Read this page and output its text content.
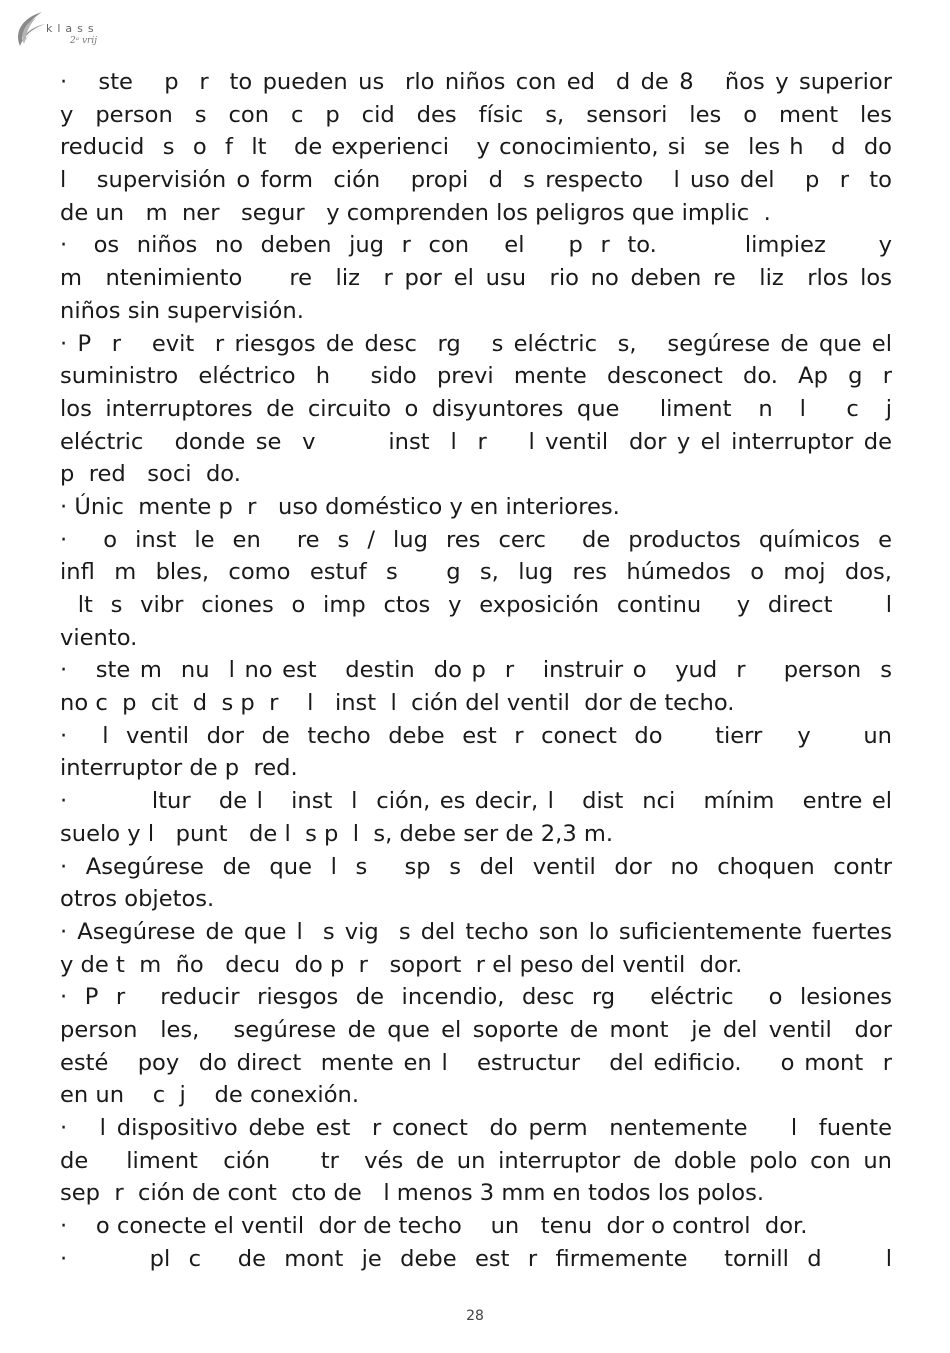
klass
2ᵃ vrij
·   ste   p  r  to pueden us  rlo niños con ed  d de 8   ños y superior
y  person  s  con  c  p  cid  des  físic  s,  sensori  les  o  ment  les
reducid  s  o  f  lt   de experienci   y conocimiento, si  se  les h   d  do
l   supervisión o form  ción   propi  d  s respecto   l uso del   p  r  to
de un   m  ner   segur   y comprenden los peligros que implic  .
·   os  niños  no  deben  jug  r  con    el     p  r  to.          limpiez      y
m  ntenimiento    re  liz  r por el usu  rio no deben re  liz  rlos los
niños sin supervisión.
· P  r   evit  r riesgos de desc  rg   s eléctric  s,   segúrese de que el
suministro  eléctrico  h    sido  previ  mente  desconect  do.  Ap  g  r
los interruptores de circuito o disyuntores que   liment  n  l   c  j
eléctric   donde se  v       inst  l  r    l ventil  dor y el interruptor de
p  red   soci  do.
· Únic  mente p  r   uso doméstico y en interiores.
·    o  inst  le  en    re  s  /  lug  res  cerc    de  productos  químicos  e
infl  m  bles,  como  estuf  s     g  s,  lug  res  húmedos  o  moj  dos,
lt  s  vibr  ciones  o  imp  ctos  y  exposición  continu    y  direct      l
viento.
·   ste m  nu  l no est   destin  do p  r   instruir o   yud  r    person  s
no c  p  cit  d  s p  r    l   inst  l  ción del ventil  dor de techo.
·    l  ventil  dor  de  techo  debe  est  r  conect  do      tierr    y      un
interruptor de p  red.
·         ltur   de l   inst  l  ción, es decir, l   dist  nci   mínim   entre el
suelo y l   punt   de l  s p  l  s, debe ser de 2,3 m.
·  Asegúrese  de  que  l  s    sp  s  del  ventil  dor  no  choquen  contr
otros objetos.
· Asegúrese de que l  s vig  s del techo son lo suficientemente fuertes
y de t  m  ño   decu  do p  r   soport  r el peso del ventil  dor.
·  P  r    reducir  riesgos  de  incendio,  desc  rg    eléctric    o  lesiones
person  les,   segúrese de que el soporte de mont  je del ventil  dor
esté   poy  do direct  mente en l   estructur   del edificio.    o mont  r
en un    c  j    de conexión.
·   l dispositivo debe est  r conect  do perm  nentemente    l  fuente
de   liment  ción    tr  vés de un interruptor de doble polo con un
sep  r  ción de cont  cto de   l menos 3 mm en todos los polos.
·    o conecte el ventil  dor de techo    un   tenu  dor o control  dor.
·         pl  c    de  mont  je  debe  est  r  firmemente    tornill  d       l
28
